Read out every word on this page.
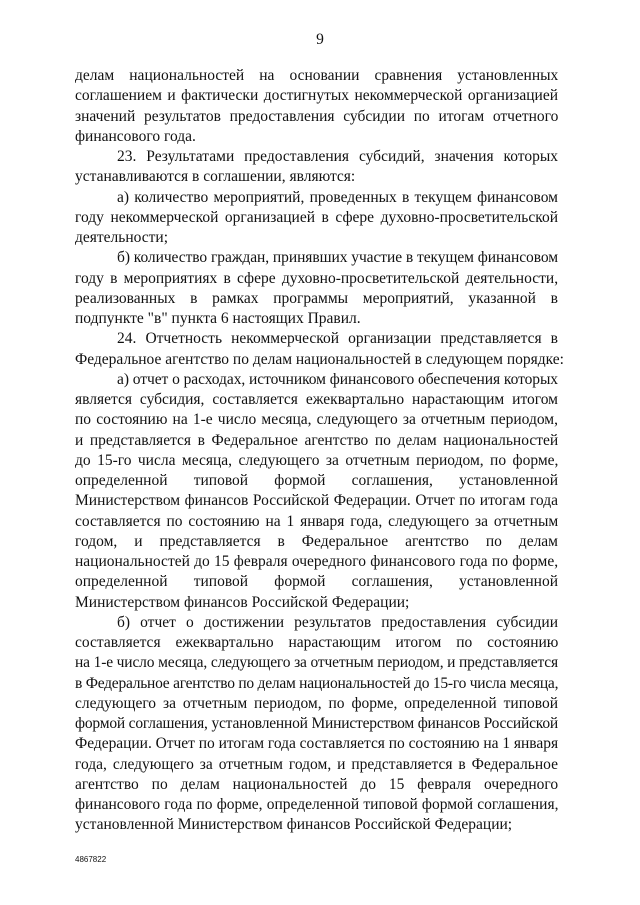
9
делам национальностей на основании сравнения установленных
соглашением и фактически достигнутых некоммерческой организацией
значений результатов предоставления субсидии по итогам отчетного
финансового года.
23. Результатами предоставления субсидий, значения которых
устанавливаются в соглашении, являются:
а) количество мероприятий, проведенных в текущем финансовом
году некоммерческой организацией в сфере духовно-просветительской
деятельности;
б) количество граждан, принявших участие в текущем финансовом
году в мероприятиях в сфере духовно-просветительской деятельности,
реализованных в рамках программы мероприятий, указанной в
подпункте "в" пункта 6 настоящих Правил.
24. Отчетность некоммерческой организации представляется в
Федеральное агентство по делам национальностей в следующем порядке:
а) отчет о расходах, источником финансового обеспечения которых
является субсидия, составляется ежеквартально нарастающим итогом
по состоянию на 1-е число месяца, следующего за отчетным периодом,
и представляется в Федеральное агентство по делам национальностей
до 15-го числа месяца, следующего за отчетным периодом, по форме,
определенной типовой формой соглашения, установленной
Министерством финансов Российской Федерации. Отчет по итогам года
составляется по состоянию на 1 января года, следующего за отчетным
годом, и представляется в Федеральное агентство по делам
национальностей до 15 февраля очередного финансового года по форме,
определенной типовой формой соглашения, установленной
Министерством финансов Российской Федерации;
б) отчет о достижении результатов предоставления субсидии
составляется ежеквартально нарастающим итогом по состоянию
на 1-е число месяца, следующего за отчетным периодом, и представляется
в Федеральное агентство по делам национальностей до 15-го числа месяца,
следующего за отчетным периодом, по форме, определенной типовой
формой соглашения, установленной Министерством финансов Российской
Федерации. Отчет по итогам года составляется по состоянию на 1 января
года, следующего за отчетным годом, и представляется в Федеральное
агентство по делам национальностей до 15 февраля очередного
финансового года по форме, определенной типовой формой соглашения,
установленной Министерством финансов Российской Федерации;
4867822
